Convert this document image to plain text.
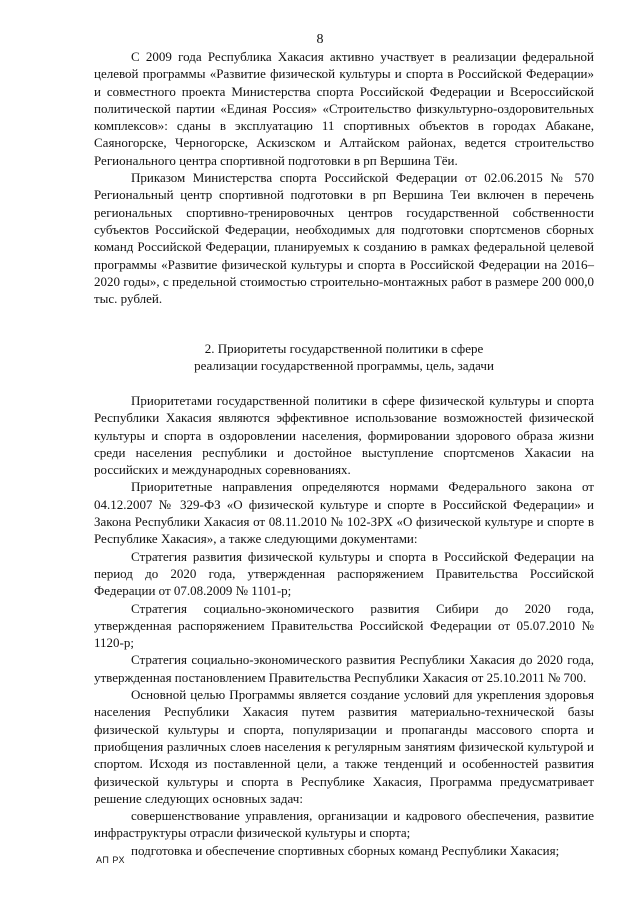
8

С 2009 года Республика Хакасия активно участвует в реализации федеральной целевой программы «Развитие физической культуры и спорта в Российской Федерации» и совместного проекта Министерства спорта Российской Федерации и Всероссийской политической партии «Единая Россия» «Строительство физкультурно-оздоровительных комплексов»: сданы в эксплуатацию 11 спортивных объектов в городах Абакане, Саяногорске, Черногорске, Аскизском и Алтайском районах, ведется строительство Регионального центра спортивной подготовки в рп Вершина Тёи.

Приказом Министерства спорта Российской Федерации от 02.06.2015 № 570 Региональный центр спортивной подготовки в рп Вершина Теи включен в перечень региональных спортивно-тренировочных центров государственной собственности субъектов Российской Федерации, необходимых для подготовки спортсменов сборных команд Российской Федерации, планируемых к созданию в рамках федеральной целевой программы «Развитие физической культуры и спорта в Российской Федерации на 2016–2020 годы», с предельной стоимостью строительно-монтажных работ в размере 200 000,0 тыс. рублей.

2. Приоритеты государственной политики в сфере
реализации государственной программы, цель, задачи

Приоритетами государственной политики в сфере физической культуры и спорта Республики Хакасия являются эффективное использование возможностей физической культуры и спорта в оздоровлении населения, формировании здорового образа жизни среди населения республики и достойное выступление спортсменов Хакасии на российских и международных соревнованиях.

Приоритетные направления определяются нормами Федерального закона от 04.12.2007 № 329-ФЗ «О физической культуре и спорте в Российской Федерации» и Закона Республики Хакасия от 08.11.2010 № 102-ЗРХ «О физической культуре и спорте в Республике Хакасия», а также следующими документами:

Стратегия развития физической культуры и спорта в Российской Федерации на период до 2020 года, утвержденная распоряжением Правительства Российской Федерации от 07.08.2009 № 1101-р;

Стратегия социально-экономического развития Сибири до 2020 года, утвержденная распоряжением Правительства Российской Федерации от 05.07.2010 № 1120-р;

Стратегия социально-экономического развития Республики Хакасия до 2020 года, утвержденная постановлением Правительства Республики Хакасия от 25.10.2011 № 700.

Основной целью Программы является создание условий для укрепления здоровья населения Республики Хакасия путем развития материально-технической базы физической культуры и спорта, популяризации и пропаганды массового спорта и приобщения различных слоев населения к регулярным занятиям физической культурой и спортом. Исходя из поставленной цели, а также тенденций и особенностей развития физической культуры и спорта в Республике Хакасия, Программа предусматривает решение следующих основных задач:

совершенствование управления, организации и кадрового обеспечения, развитие инфраструктуры отрасли физической культуры и спорта;

подготовка и обеспечение спортивных сборных команд Республики Хакасия;

АП РХ
